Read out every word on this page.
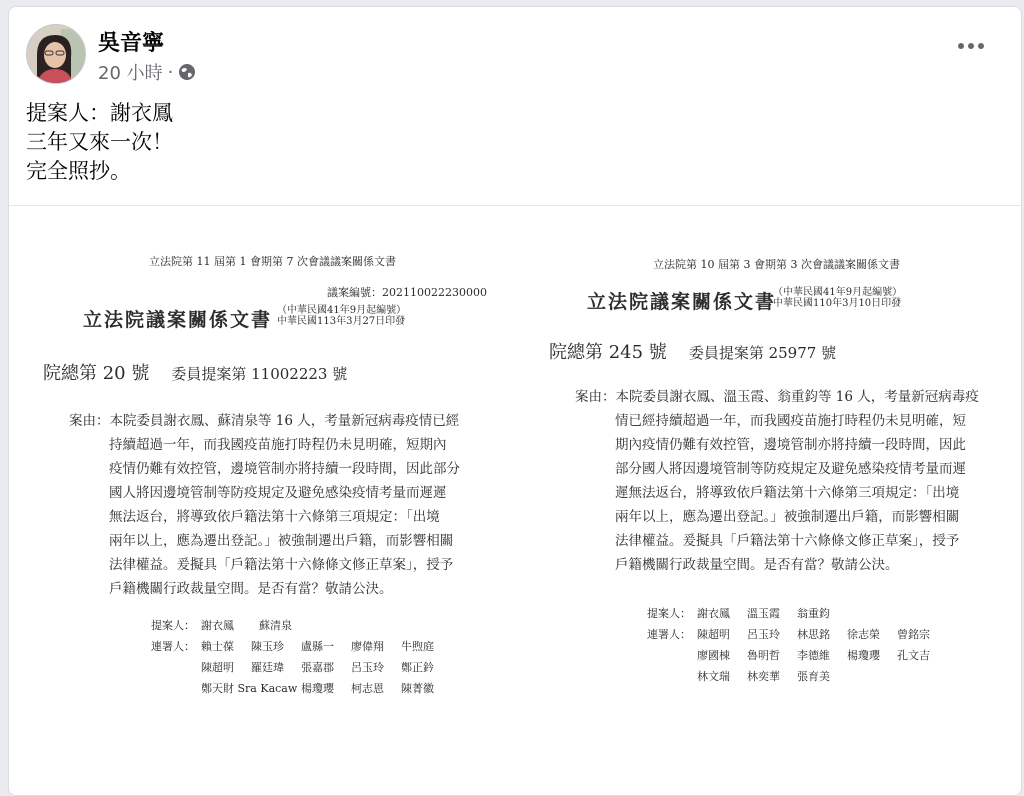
吳音寧
20 小時 ·
提案人：謝衣鳳
三年又來一次！
完全照抄。
立法院第 11 屆第 1 會期第 7 次會議議案關係文書
議案編號：202110022230000
立法院議案關係文書 （中華民國41年9月起編號）
中華民國113年3月27日印發
院總第 20 號 委員提案第 11002223 號
案由：本院委員謝衣鳳、蘇清泉等 16 人，考量新冠病毒疫情已經
持續超過一年，而我國疫苗施打時程仍未見明確，短期內
疫情仍難有效控管，邊境管制亦將持續一段時間，因此部分
國人將因邊境管制等防疫規定及避免感染疫情考量而遲遲
無法返台，將導致依戶籍法第十六條第三項規定：「出境
兩年以上，應為遷出登記。」被強制遷出戶籍，而影響相關
法律權益。爰擬具「戶籍法第十六條條文修正草案」，授予
戶籍機關行政裁量空間。是否有當？敬請公決。
提案人： 謝衣鳳	蘇清泉
連署人： 賴士葆	陳玉珍	盧縣一	廖偉翔	牛煦庭
陳超明	羅廷瑋	張嘉郡	呂玉玲	鄭正鈐
鄭天財 Sra Kacaw 楊瓊瓔	柯志恩	陳菁徽
立法院第 10 屆第 3 會期第 3 次會議議案關係文書
立法院議案關係文書
（中華民國41年9月起編號）
中華民國110年3月10日印發
院總第 245 號 委員提案第 25977 號
案由：本院委員謝衣鳳、溫玉霞、翁重鈞等 16 人，考量新冠病毒疫
情已經持續超過一年，而我國疫苗施打時程仍未見明確，短
期內疫情仍難有效控管，邊境管制亦將持續一段時間，因此
部分國人將因邊境管制等防疫規定及避免感染疫情考量而遲
遲無法返台，將導致依戶籍法第十六條第三項規定：「出境
兩年以上，應為遷出登記。」被強制遷出戶籍，而影響相關
法律權益。爰擬具「戶籍法第十六條條文修正草案」，授予
戶籍機關行政裁量空間。是否有當？敬請公決。
提案人： 謝衣鳳	溫玉霞	翁重鈞
連署人： 陳超明	呂玉玲	林思銘	徐志榮	曾銘宗
廖國棟	魯明哲	李德維	楊瓊瓔	孔文吉
林文瑞	林奕華	張育美
